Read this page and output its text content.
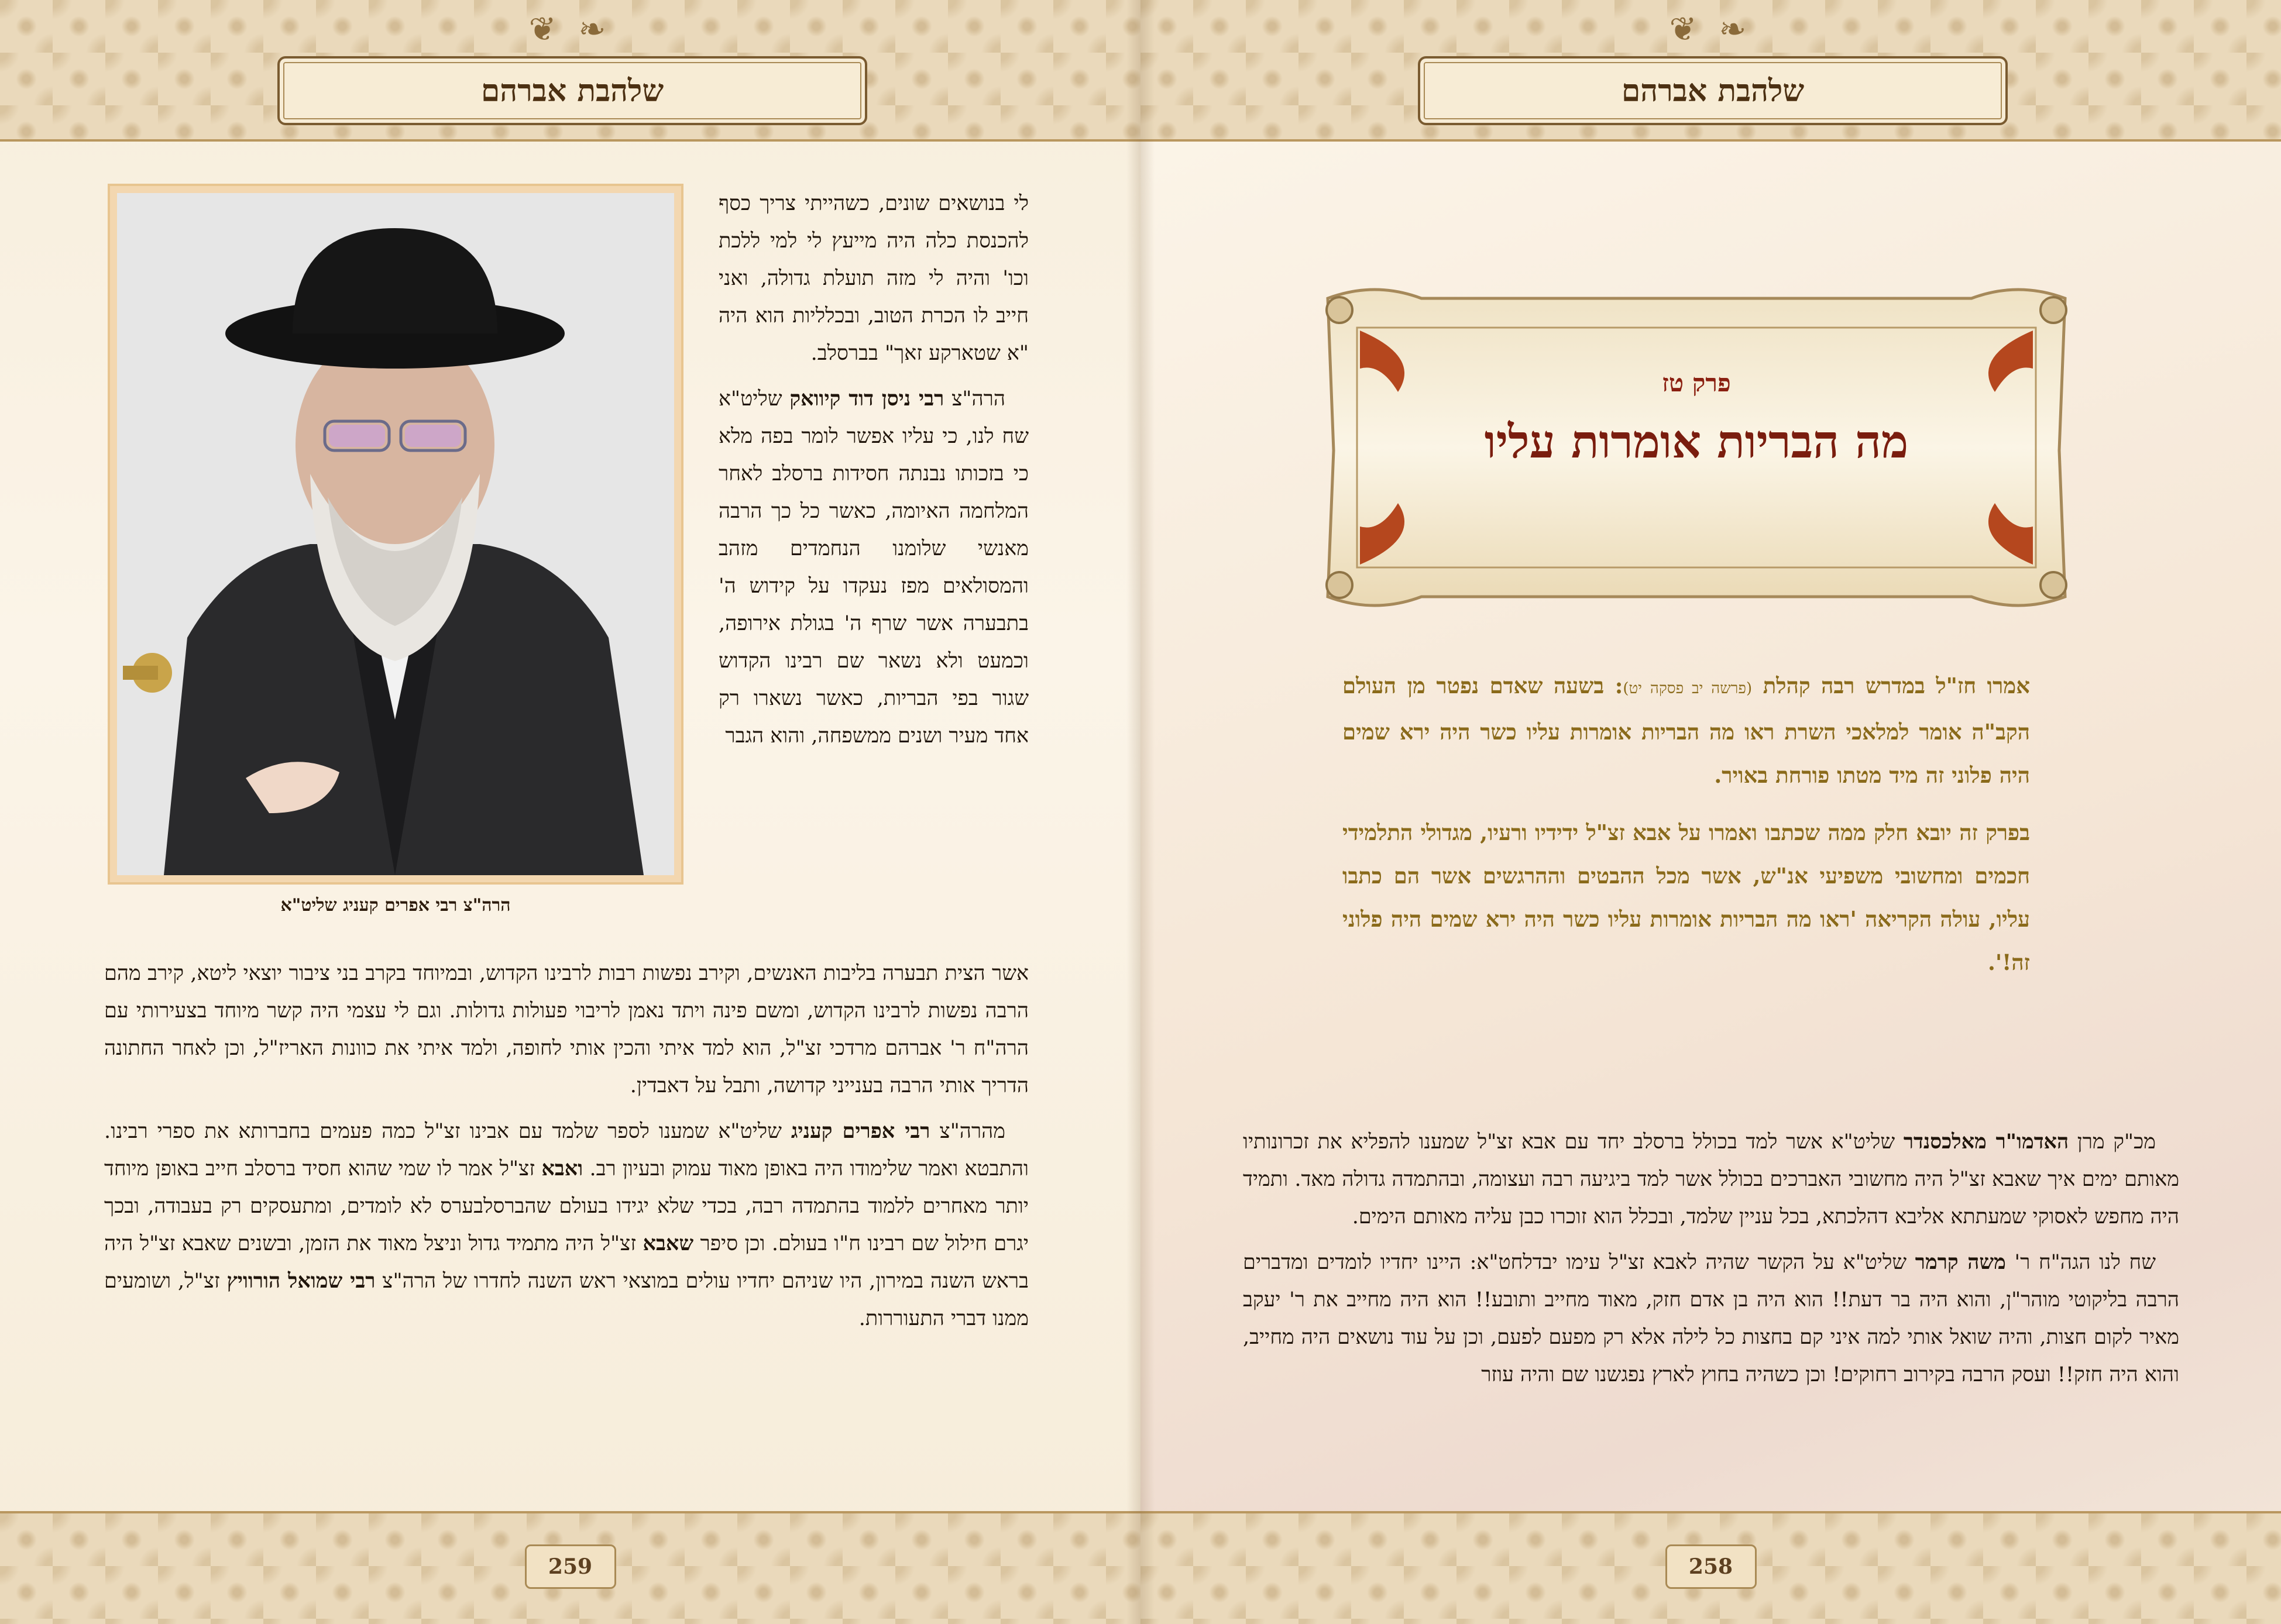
❦ ❧
שלהבת אברהם
הרה"צ רבי אפרים קעניג שליט"א

לי בנושאים שונים, כשהייתי צריך כסף להכנסת כלה היה מייעץ לי למי ללכת וכו' והיה לי מזה תועלת גדולה, ואני חייב לו הכרת הטוב, ובכלליות הוא היה "א שטארקע זאך" בברסלב.

הרה"צ רבי ניסן דוד קיוואק שליט"א שח לנו, כי עליו אפשר לומר בפה מלא כי בזכותו נבנתה חסידות ברסלב לאחר המלחמה האיומה, כאשר כל כך הרבה מאנשי שלומנו הנחמדים מזהב והמסולאים מפז נעקדו על קידוש ה' בתבערה אשר שרף ה' בגולת אירופה, וכמעט ולא נשאר שם רבינו הקדוש שגור בפי הבריות, כאשר נשארו רק אחד מעיר ושנים ממשפחה, והוא הגבר

אשר הצית תבערה בליבות האנשים, וקירב נפשות רבות לרבינו הקדוש, ובמיוחד בקרב בני ציבור יוצאי ליטא, קירב מהם הרבה נפשות לרבינו הקדוש, ומשם פינה ויתד נאמן לריבוי פעולות גדולות. וגם לי עצמי היה קשר מיוחד בצעירותי עם הרה"ח ר' אברהם מרדכי זצ"ל, הוא למד איתי והכין אותי לחופה, ולמד איתי את כוונות האריז"ל, וכן לאחר החתונה הדריך אותי הרבה בענייני קדושה, ותבל על דאבדין.

מהרה"צ רבי אפרים קעניג שליט"א שמענו לספר שלמד עם אבינו זצ"ל כמה פעמים בחברותא את ספרי רבינו. והתבטא ואמר שלימודו היה באופן מאוד עמוק ובעיון רב. ואבא זצ"ל אמר לו שמי שהוא חסיד ברסלב חייב באופן מיוחד יותר מאחרים ללמוד בהתמדה רבה, בכדי שלא יגידו בעולם שהברסלבערס לא לומדים, ומתעסקים רק בעבודה, ובכך יגרם חילול שם רבינו ח"ו בעולם. וכן סיפר שאבא זצ"ל היה מתמיד גדול וניצל מאוד את הזמן, ובשנים שאבא זצ"ל היה בראש השנה במירון, היו שניהם יחדיו עולים במוצאי ראש השנה לחדרו של הרה"צ רבי שמואל הורוויץ זצ"ל, ושומעים ממנו דברי התעוררות.

259
❦ ❧
שלהבת אברהם
פרק טז
מה הבריות אומרות עליו

אמרו חז"ל במדרש רבה קהלת (פרשה יב פסקה יט): בשעה שאדם נפטר מן העולם הקב"ה אומר למלאכי השרת ראו מה הבריות אומרות עליו כשר היה ירא שמים היה פלוני זה מיד מטתו פורחת באויר.

בפרק זה יובא חלק ממה שכתבו ואמרו על אבא זצ"ל ידידיו ורעיו, מגדולי התלמידי חכמים ומחשובי משפיעי אנ"ש, אשר מכל ההבטים וההרגשים אשר הם כתבו עליו, עולה הקריאה 'ראו מה הבריות אומרות עליו כשר היה ירא שמים היה פלוני זה!'.

מכ"ק מרן האדמו"ר מאלכסנדר שליט"א אשר למד בכולל ברסלב יחד עם אבא זצ"ל שמענו להפליא את זכרונותיו מאותם ימים איך שאבא זצ"ל היה מחשובי האברכים בכולל אשר למד ביגיעה רבה ועצומה, ובהתמדה גדולה מאד. ותמיד היה מחפש לאסוקי שמעתתא אליבא דהלכתא, בכל עניין שלמד, ובכלל הוא זוכרו כבן עליה מאותם הימים.

שח לנו הגה"ח ר' משה קרמר שליט"א על הקשר שהיה לאבא זצ"ל עימו יבדלחט"א: היינו יחדיו לומדים ומדברים הרבה בליקוטי מוהר"ן, והוא היה בר דעת!! הוא היה בן אדם חזק, מאוד מחייב ותובע!! הוא היה מחייב את ר' יעקב מאיר לקום חצות, והיה שואל אותי למה איני קם בחצות כל לילה אלא רק מפעם לפעם, וכן על עוד נושאים היה מחייב, והוא היה חזק!! ועסק הרבה בקירוב רחוקים! וכן כשהיה בחוץ לארץ נפגשנו שם והיה עוזר

258
